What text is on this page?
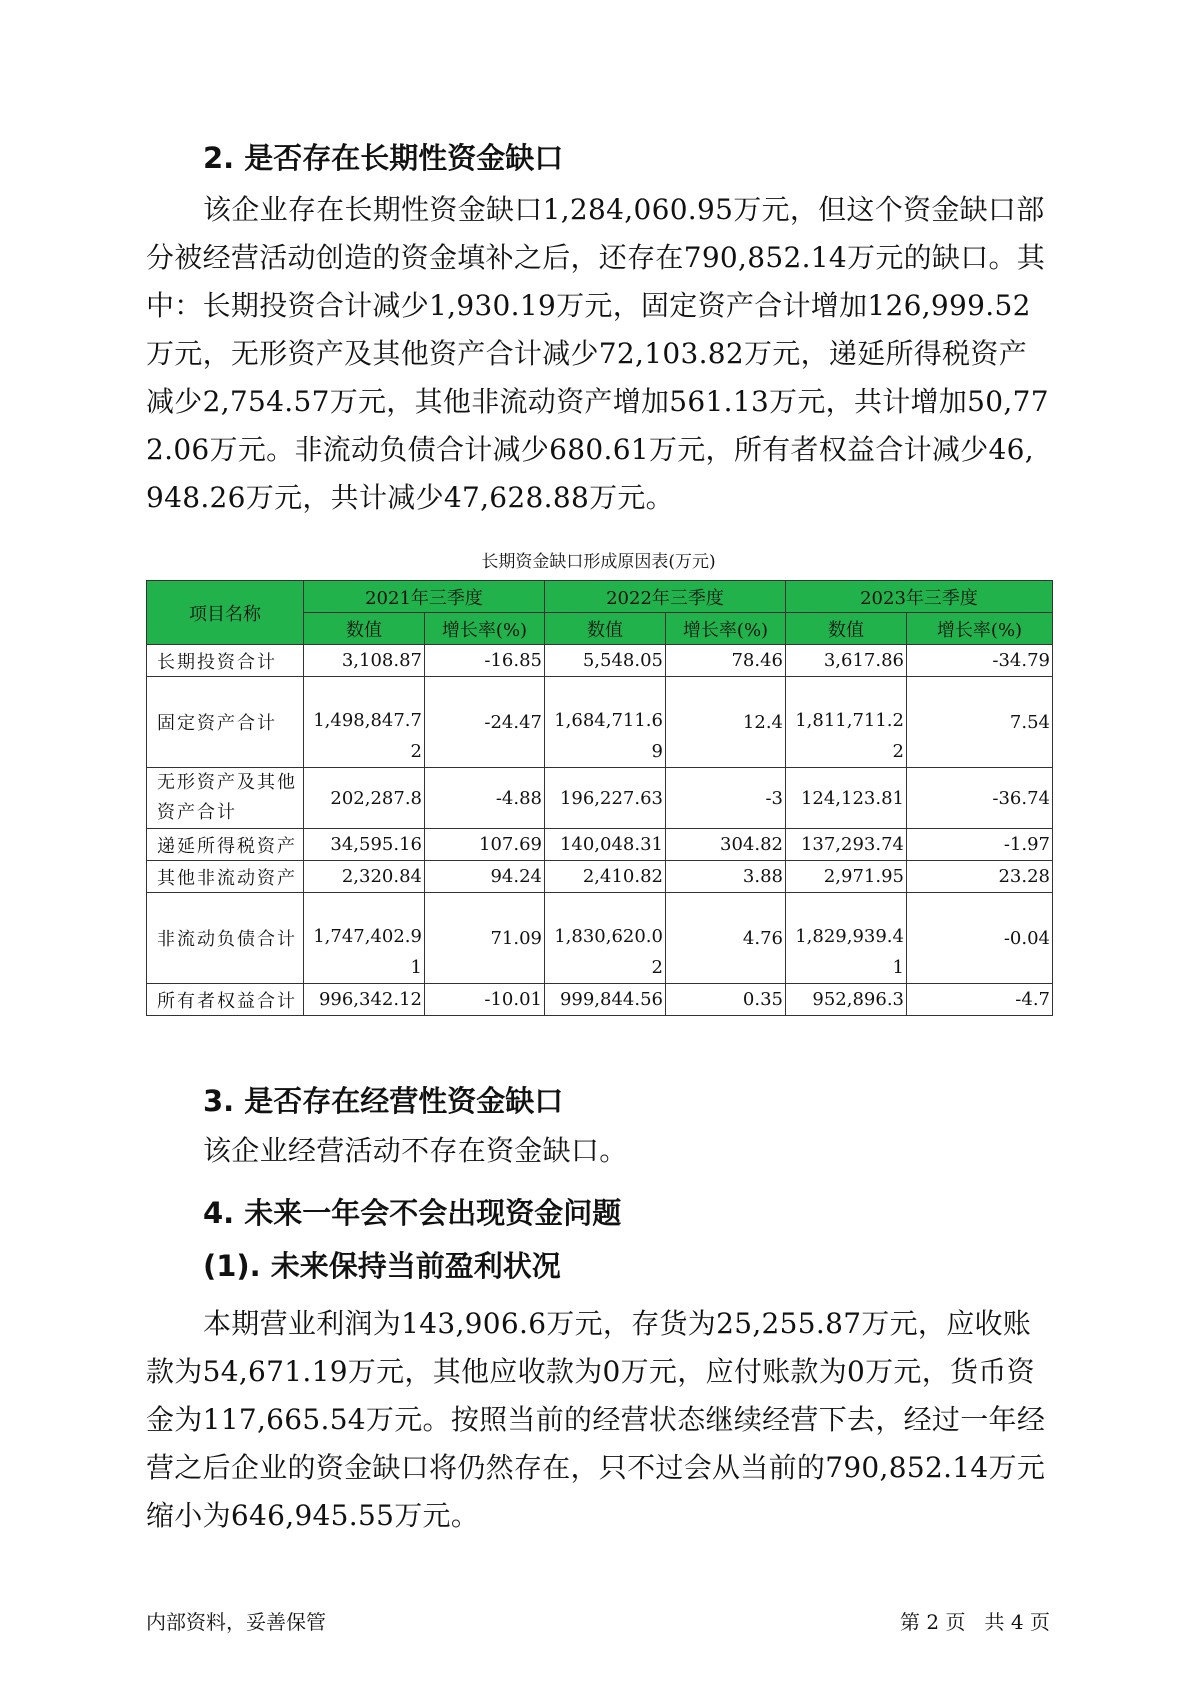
2. 是否存在长期性资金缺口
该企业存在长期性资金缺口1,284,060.95万元，但这个资金缺口部分被经营活动创造的资金填补之后，还存在790,852.14万元的缺口。其中：长期投资合计减少1,930.19万元，固定资产合计增加126,999.52万元，无形资产及其他资产合计减少72,103.82万元，递延所得税资产减少2,754.57万元，其他非流动资产增加561.13万元，共计增加50,772.06万元。非流动负债合计减少680.61万元，所有者权益合计减少46,948.26万元，共计减少47,628.88万元。
长期资金缺口形成原因表(万元)
项目名称	2021年三季度		2022年三季度		2023年三季度	
	数值	增长率(%)	数值	增长率(%)	数值	增长率(%)
长期投资合计	3,108.87	-16.85	5,548.05	78.46	3,617.86	-34.79
固定资产合计	1,498,847.72	-24.47	1,684,711.69	12.4	1,811,711.22	7.54
无形资产及其他资产合计	202,287.8	-4.88	196,227.63	-3	124,123.81	-36.74
递延所得税资产	34,595.16	107.69	140,048.31	304.82	137,293.74	-1.97
其他非流动资产	2,320.84	94.24	2,410.82	3.88	2,971.95	23.28
非流动负债合计	1,747,402.91	71.09	1,830,620.02	4.76	1,829,939.41	-0.04
所有者权益合计	996,342.12	-10.01	999,844.56	0.35	952,896.3	-4.7
3. 是否存在经营性资金缺口
该企业经营活动不存在资金缺口。
4. 未来一年会不会出现资金问题
(1). 未来保持当前盈利状况
本期营业利润为143,906.6万元，存货为25,255.87万元，应收账款为54,671.19万元，其他应收款为0万元，应付账款为0万元，货币资金为117,665.54万元。按照当前的经营状态继续经营下去，经过一年经营之后企业的资金缺口将仍然存在，只不过会从当前的790,852.14万元缩小为646,945.55万元。
内部资料，妥善保管	第 2 页   共 4 页
